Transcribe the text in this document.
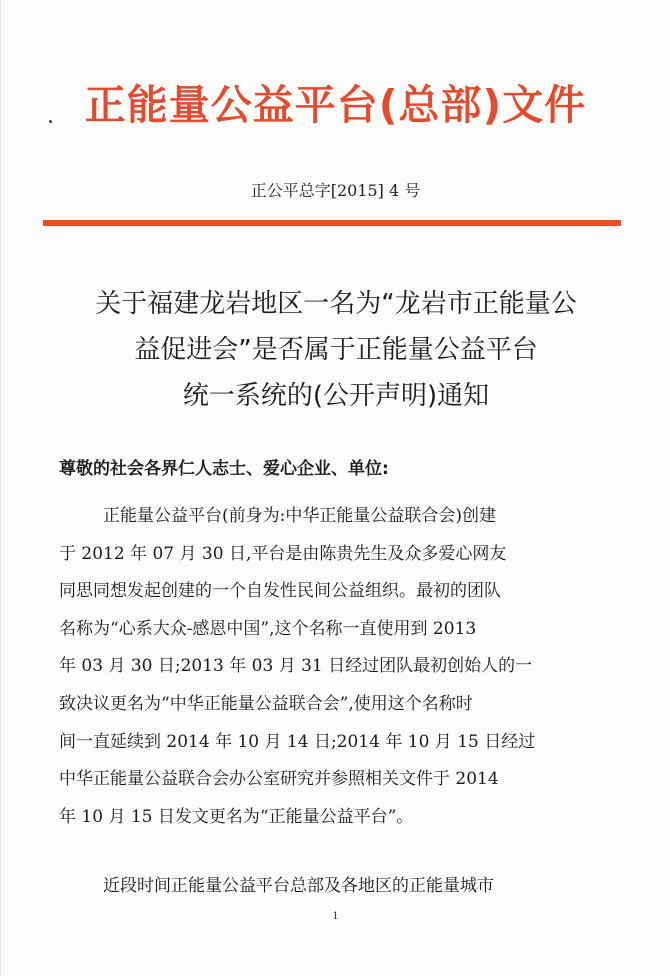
正能量公益平台(总部)文件
正公平总字[2015] 4 号
关于福建龙岩地区一名为“龙岩市正能量公
益促进会”是否属于正能量公益平台
统一系统的(公开声明)通知
尊敬的社会各界仁人志士、爱心企业、单位:
正能量公益平台(前身为:中华正能量公益联合会)创建
于 2012 年 07 月 30 日,平台是由陈贵先生及众多爱心网友
同思同想发起创建的一个自发性民间公益组织。最初的团队
名称为“心系大众-感恩中国”,这个名称一直使用到 2013
年 03 月 30 日;2013 年 03 月 31 日经过团队最初创始人的一
致决议更名为“中华正能量公益联合会”,使用这个名称时
间一直延续到 2014 年 10 月 14 日;2014 年 10 月 15 日经过
中华正能量公益联合会办公室研究并参照相关文件于 2014
年 10 月 15 日发文更名为“正能量公益平台”。
近段时间正能量公益平台总部及各地区的正能量城市
1
